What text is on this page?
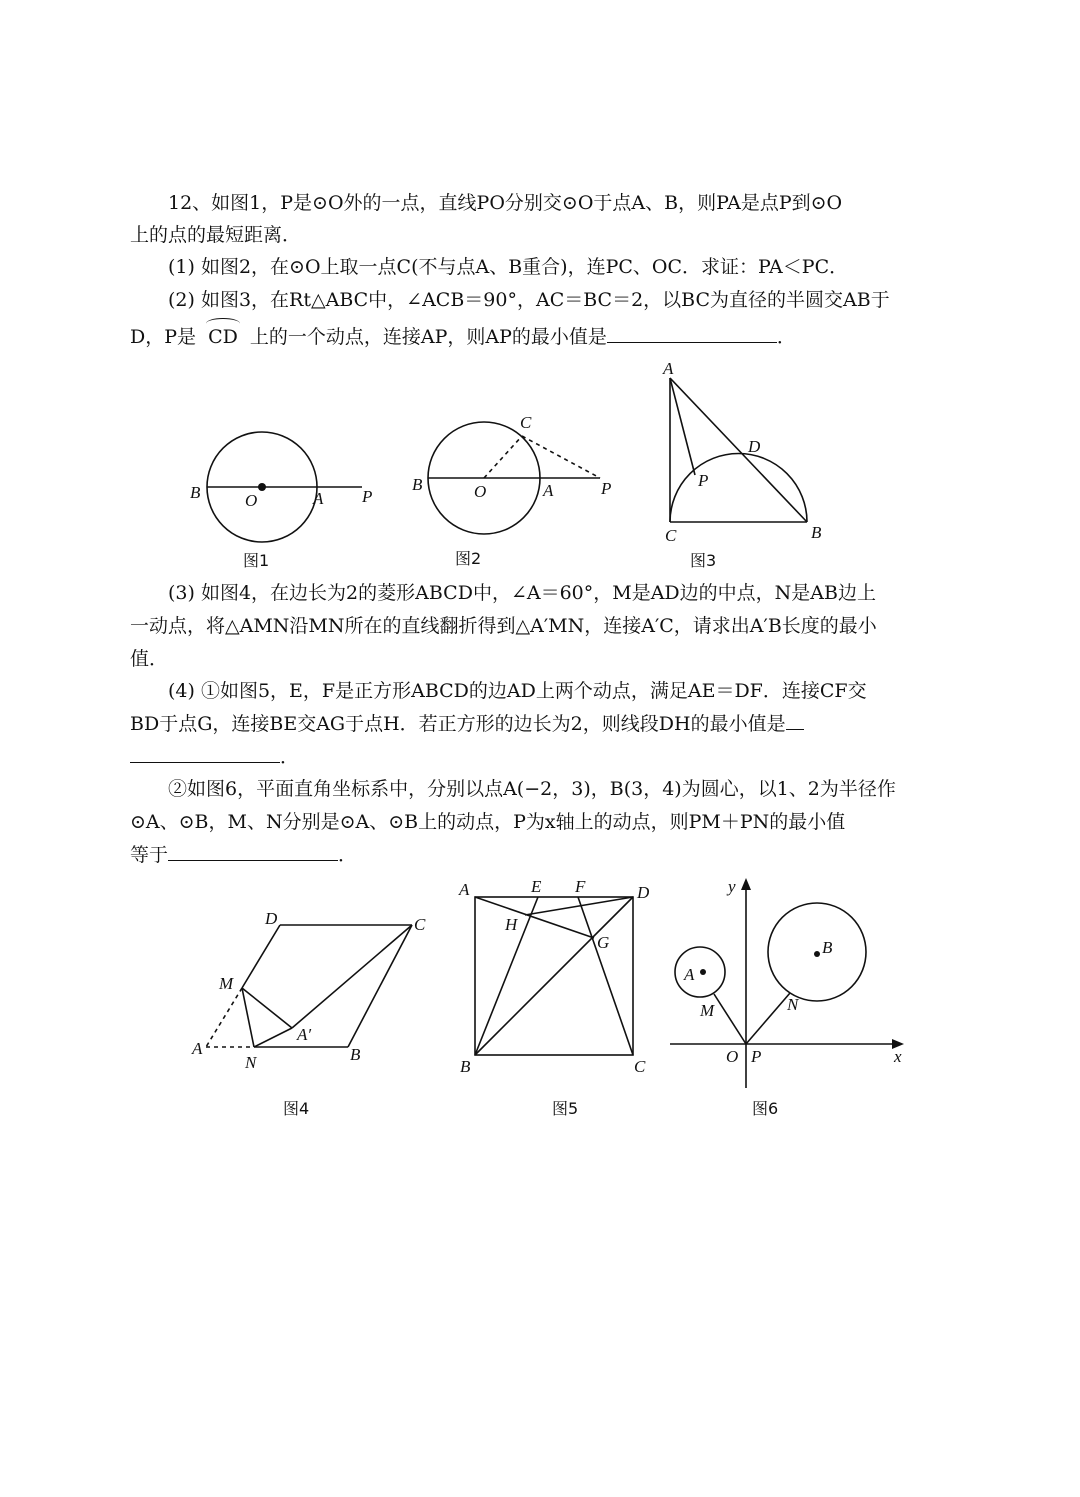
12、如图1，P是⊙O外的一点，直线PO分别交⊙O于点A、B，则PA是点P到⊙O
上的点的最短距离．
(1) 如图2，在⊙O上取一点C(不与点A、B重合)，连PC、OC．求证：PA＜PC．
(2) 如图3，在Rt△ABC中，∠ACB＝90°，AC＝BC＝2，以BC为直径的半圆交AB于
D，P是 CD 上的一个动点，连接AP，则AP的最小值是	．
(3) 如图4，在边长为2的菱形ABCD中，∠A＝60°，M是AD边的中点，N是AB边上
一动点，将△AMN沿MN所在的直线翻折得到△A′MN，连接A′C，请求出A′B长度的最小
值．
(4) ①如图5，E，F是正方形ABCD的边AD上两个动点，满足AE＝DF．连接CF交
BD于点G，连接BE交AG于点H．若正方形的边长为2，则线段DH的最小值是
．
②如图6，平面直角坐标系中，分别以点A(−2，3)，B(3，4)为圆心，以1、2为半径作
⊙A、⊙B，M、N分别是⊙A、⊙B上的动点，P为x轴上的动点，则PM＋PN的最小值
等于	．
B	O	A P
图1
B	O	A	P
C
图2
A
D
P
C	B
图3
D	C
M
A′
A
N	B
图4
A	E F	D
H
G
B	C
图5
y
B
A
M	N
O P	x
图6
